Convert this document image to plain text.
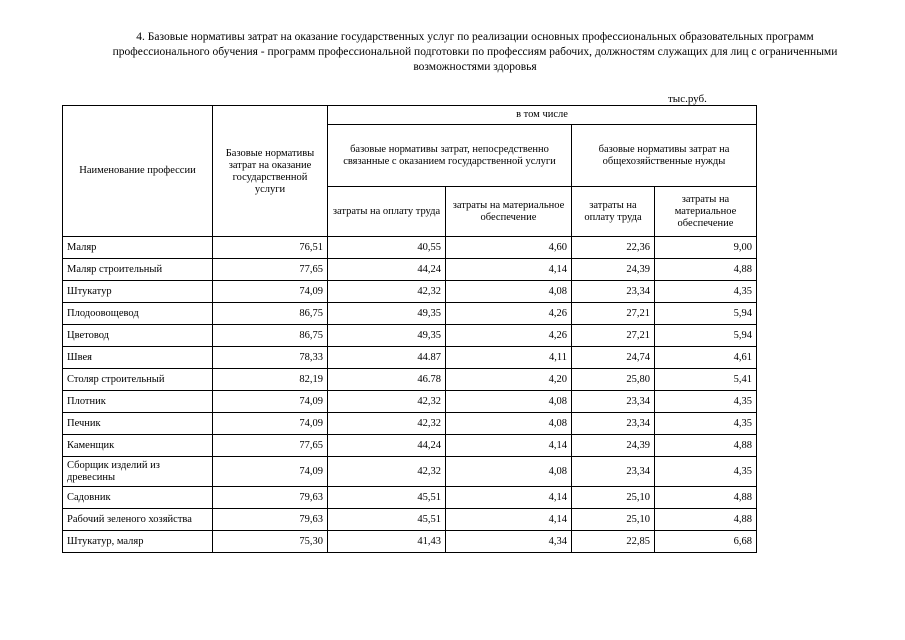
4. Базовые нормативы затрат на оказание государственных услуг по реализации основных профессиональных образовательных программ профессионального обучения - программ профессиональной подготовки по профессиям рабочих, должностям служащих для лиц с ограниченными возможностями здоровья
тыс.руб.
Наименование профессии	Базовые нормативы затрат на оказание государственной услуги	в том числе			
		базовые нормативы затрат, непосредственно связанные с оказанием государственной услуги		базовые нормативы затрат на общехозяйственные нужды	
		затраты на оплату труда	затраты на материальное обеспечение	затраты на оплату труда	затраты на материальное обеспечение
Маляр	76,51	40,55	4,60	22,36	9,00
Маляр строительный	77,65	44,24	4,14	24,39	4,88
Штукатур	74,09	42,32	4,08	23,34	4,35
Плодоовощевод	86,75	49,35	4,26	27,21	5,94
Цветовод	86,75	49,35	4,26	27,21	5,94
Швея	78,33	44.87	4,11	24,74	4,61
Столяр строительный	82,19	46.78	4,20	25,80	5,41
Плотник	74,09	42,32	4,08	23,34	4,35
Печник	74,09	42,32	4,08	23,34	4,35
Каменщик	77,65	44,24	4,14	24,39	4,88
Сборщик изделий из древесины	74,09	42,32	4,08	23,34	4,35
Садовник	79,63	45,51	4,14	25,10	4,88
Рабочий зеленого хозяйства	79,63	45,51	4,14	25,10	4,88
Штукатур, маляр	75,30	41,43	4,34	22,85	6,68
